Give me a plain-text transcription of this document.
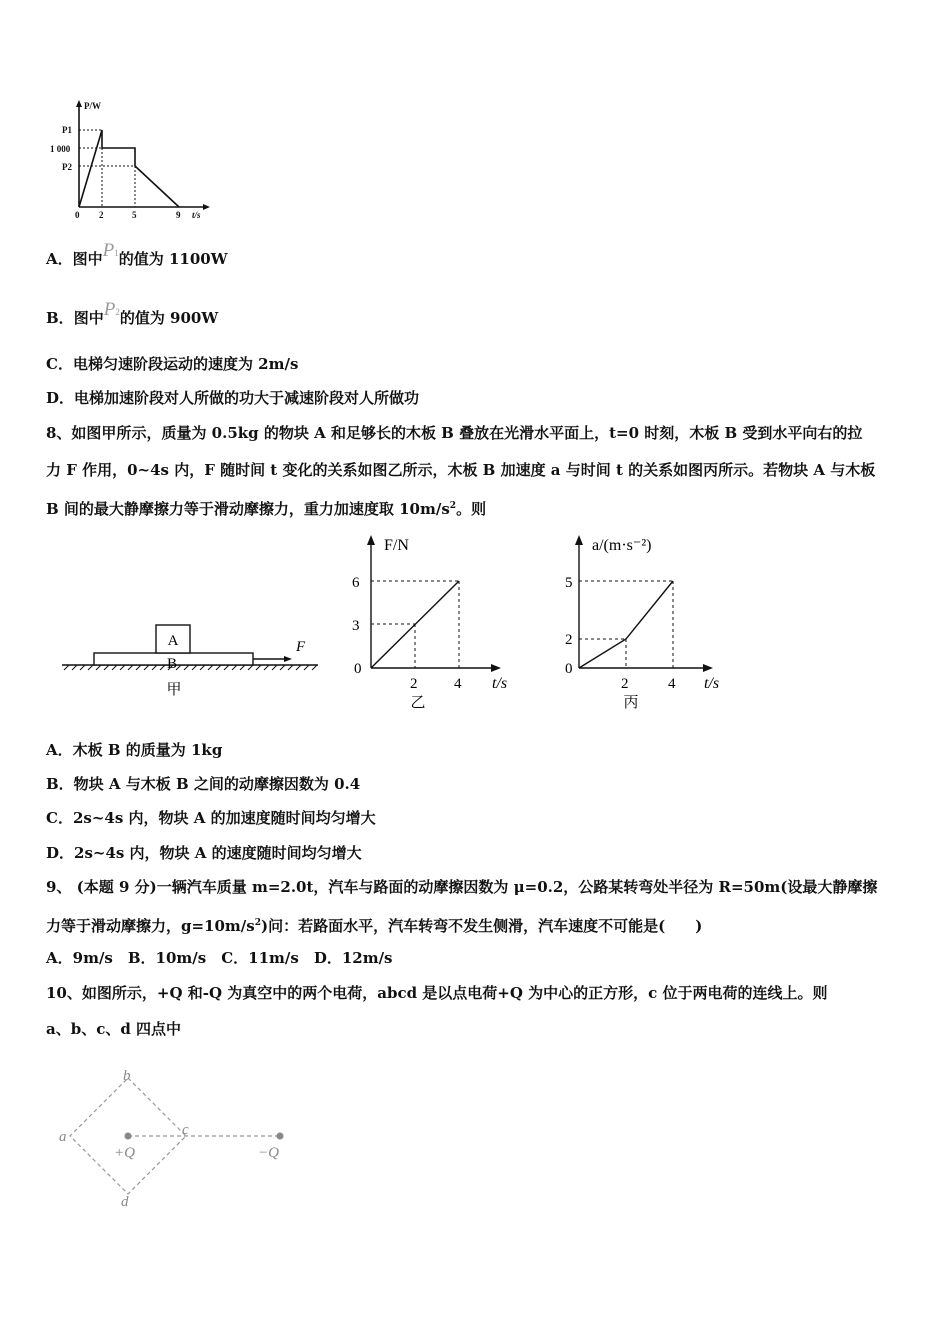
P/W
P1
1 000
P2
0 2	5	9 t/s
A．图中P1的值为 1100W
B．图中P2的值为 900W
C．电梯匀速阶段运动的速度为 2m/s
D．电梯加速阶段对人所做的功大于减速阶段对人所做功
8、如图甲所示，质量为 0.5kg 的物块 A 和足够长的木板 B 叠放在光滑水平面上，t=0 时刻，木板 B 受到水平向右的拉
力 F 作用，0~4s 内，F 随时间 t 变化的关系如图乙所示，木板 B 加速度 a 与时间 t 的关系如图丙所示。若物块 A 与木板
B 间的最大静摩擦力等于滑动摩擦力，重力加速度取 $10m/s^2$。则
A
B
F
甲
F/N
6
3
0
2 4 t/s
乙
a/(m·s⁻²)
5
2
0
2	4 t/s
丙
A．木板 B 的质量为 1kg
B．物块 A 与木板 B 之间的动摩擦因数为 0.4
C．2s~4s 内，物块 A 的加速度随时间均匀增大
D．2s~4s 内，物块 A 的速度随时间均匀增大
9、 (本题 9 分)一辆汽车质量 m=2.0t，汽车与路面的动摩擦因数为 μ=0.2，公路某转弯处半径为 R=50m(设最大静摩擦
力等于滑动摩擦力，$g=10m/s^2$)问：若路面水平，汽车转弯不发生侧滑，汽车速度不可能是(　　)
A．9m/s　B．10m/s　C．11m/s　D．12m/s
10、如图所示，+Q 和-Q 为真空中的两个电荷，abcd 是以点电荷+Q 为中心的正方形，c 位于两电荷的连线上。则
a、b、c、d 四点中
b
a	c
d
+Q	−Q
